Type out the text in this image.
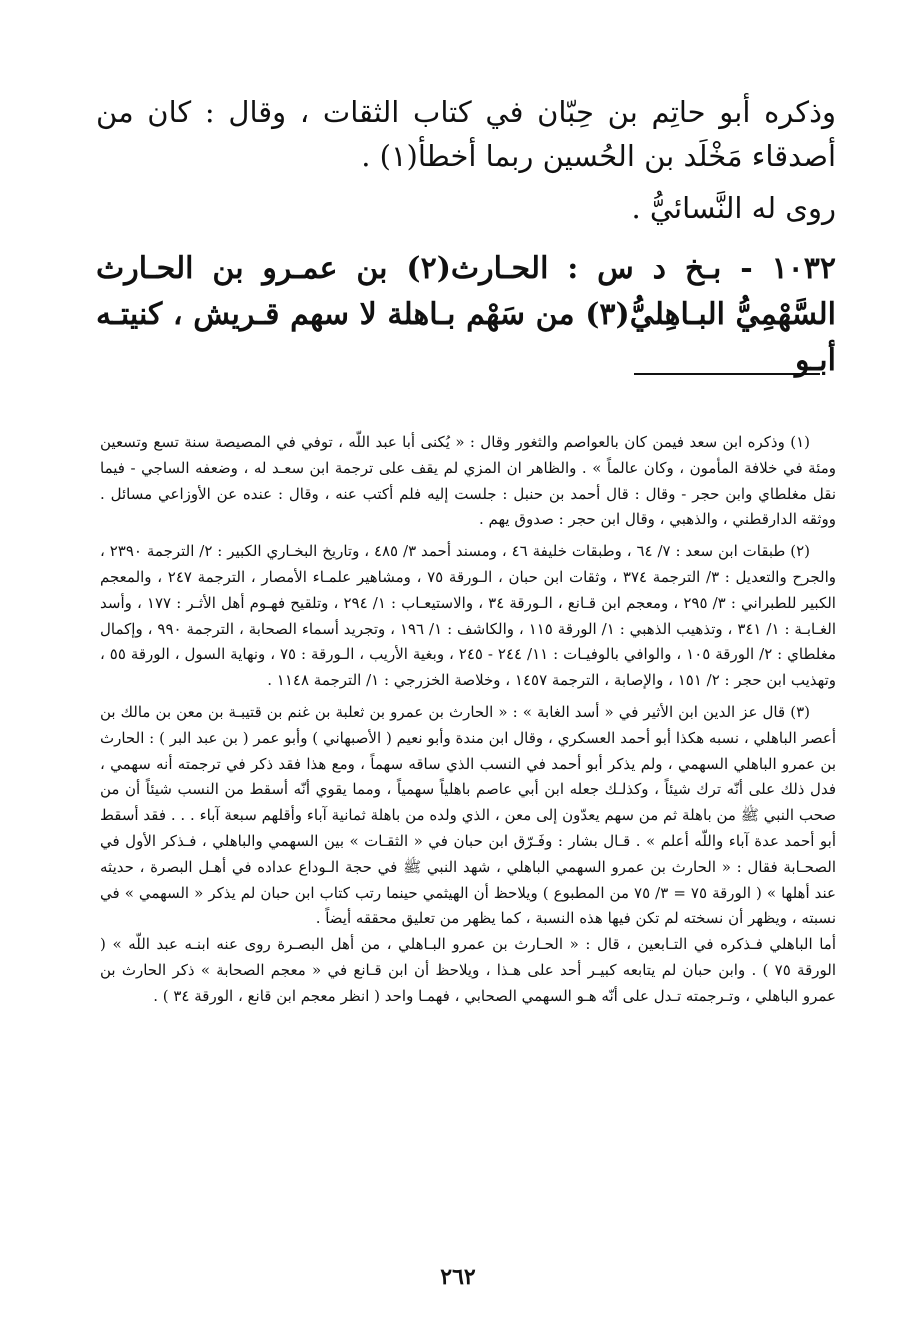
وذكره أبو حاتِم بن حِبّان في كتاب الثقات ، وقال : كان من أصدقاء مَخْلَد بن الحُسين ربما أخطأ(١) .

روى له النَّسائيُّ .

١٠٣٢ - بـخ د س : الحـارث(٢) بن عمـرو بن الحـارث السَّهْمِيُّ البـاهِليُّ(٣) من سَهْم بـاهلة لا سهم قـريش ، كنيتـه أبـو

(١) وذكره ابن سعد فيمن كان بالعواصم والثغور وقال : « يُكنى أبا عبد اللّه ، توفي في المصيصة سنة تسع وتسعين ومئة في خلافة المأمون ، وكان عالماً » . والظاهر ان المزي لم يقف على ترجمة ابن سعـد له ، وضعفه الساجي - فيما نقل مغلطاي وابن حجر - وقال : قال أحمد بن حنبل : جلست إليه فلم أكتب عنه ، وقال : عنده عن الأوزاعي مسائل . ووثقه الدارقطني ، والذهبي ، وقال ابن حجر : صدوق يهم .

(٢) طبقات ابن سعد : ٧/ ٦٤ ، وطبقات خليفة ٤٦ ، ومسند أحمد ٣/ ٤٨٥ ، وتاريخ البخـاري الكبير : ٢/ الترجمة ٢٣٩٠ ، والجرح والتعديل : ٣/ الترجمة ٣٧٤ ، وثقات ابن حبان ، الـورقة ٧٥ ، ومشاهير علمـاء الأمصار ، الترجمة ٢٤٧ ، والمعجم الكبير للطبراني : ٣/ ٢٩٥ ، ومعجم ابن قـانع ، الـورقة ٣٤ ، والاستيعـاب : ١/ ٢٩٤ ، وتلقيح فهـوم أهل الأثـر : ١٧٧ ، وأسد الغـابـة : ١/ ٣٤١ ، وتذهيب الذهبي : ١/ الورقة ١١٥ ، والكاشف : ١/ ١٩٦ ، وتجريد أسماء الصحابة ، الترجمة ٩٩٠ ، وإكمال مغلطاي : ٢/ الورقة ١٠٥ ، والوافي بالوفيـات : ١١/ ٢٤٤ - ٢٤٥ ، وبغية الأريب ، الـورقة : ٧٥ ، ونهاية السول ، الورقة ٥٥ ، وتهذيب ابن حجر : ٢/ ١٥١ ، والإصابة ، الترجمة ١٤٥٧ ، وخلاصة الخزرجي : ١/ الترجمة ١١٤٨ .

(٣) قال عز الدين ابن الأثير في « أسد الغابة » : « الحارث بن عمرو بن ثعلبة بن غنم بن قتيبـة بن معن بن مالك بن أعصر الباهلي ، نسبه هكذا أبو أحمد العسكري ، وقال ابن مندة وأبو نعيم ( الأصبهاني ) وأبو عمر ( بن عبد البر ) : الحارث بن عمرو الباهلي السهمي ، ولم يذكر أبو أحمد في النسب الذي ساقه سهماً ، ومع هذا فقد ذكر في ترجمته أنه سهمي ، فدل ذلك على أنّه ترك شيئاً ، وكذلـك جعله ابن أبي عاصم باهلياً سهمياً ، ومما يقوي أنّه أسقط من النسب شيئاً أن من صحب النبي ﷺ من باهلة ثم من سهم يعدّون إلى معن ، الذي ولده من باهلة ثمانية آباء وأقلهم سبعة آباء . . . فقد أسقط أبو أحمد عدة آباء واللّه أعلم » . قـال بشار : وفَـرّق ابن حبان في « الثقـات » بين السهمي والباهلي ، فـذكر الأول في الصحـابة فقال : « الحارث بن عمرو السهمي الباهلي ، شهد النبي ﷺ في حجة الـوداع عداده في أهـل البصرة ، حديثه عند أهلها » ( الورقة ٧٥ = ٣/ ٧٥ من المطبوع ) ويلاحظ أن الهيثمي حينما رتب كتاب ابن حبان لم يذكر « السهمي » في نسبته ، ويظهر أن نسخته لم تكن فيها هذه النسبة ، كما يظهر من تعليق محققه أيضاً .

أما الباهلي فـذكره في التـابعين ، قال : « الحـارث بن عمرو البـاهلي ، من أهل البصـرة روى عنه ابنـه عبد اللّه » ( الورقة ٧٥ ) . وابن حبان لم يتابعه كبيـر أحد على هـذا ، ويلاحظ أن ابن قـانع في « معجم الصحابة » ذكر الحارث بن عمرو الباهلي ، وتـرجمته تـدل على أنّه هـو السهمي الصحابي ، فهمـا واحد ( انظر معجم ابن قانع ، الورقة ٣٤ ) .

٢٦٢
